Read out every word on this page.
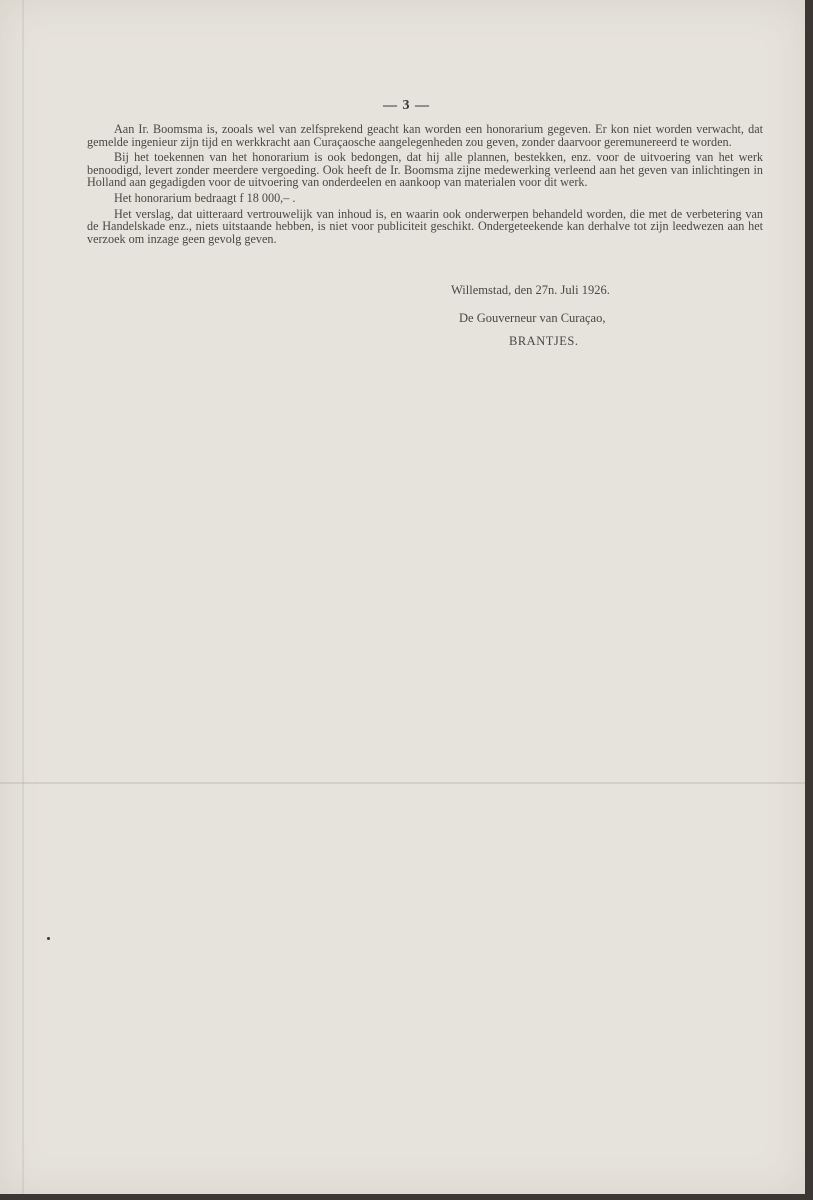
— 3 —

Aan Ir. Boomsma is, zooals wel van zelfsprekend geacht kan worden een honorarium gegeven. Er kon niet worden verwacht, dat gemelde ingenieur zijn tijd en werkkracht aan Curaçaosche aangelegenheden zou geven, zonder daarvoor geremunereerd te worden.

Bij het toekennen van het honorarium is ook bedongen, dat hij alle plannen, bestekken, enz. voor de uitvoering van het werk benoodigd, levert zonder meerdere vergoeding. Ook heeft de Ir. Boomsma zijne medewerking verleend aan het geven van inlichtingen in Holland aan gegadigden voor de uitvoering van onderdeelen en aankoop van materialen voor dit werk.

Het honorarium bedraagt f 18 000,– .

Het verslag, dat uitteraard vertrouwelijk van inhoud is, en waarin ook onderwerpen behandeld worden, die met de verbetering van de Handelskade enz., niets uitstaande hebben, is niet voor publiciteit geschikt. Ondergeteekende kan derhalve tot zijn leedwezen aan het verzoek om inzage geen gevolg geven.

Willemstad, den 27n. Juli 1926.
De Gouverneur van Curaçao,
BRANTJES.
